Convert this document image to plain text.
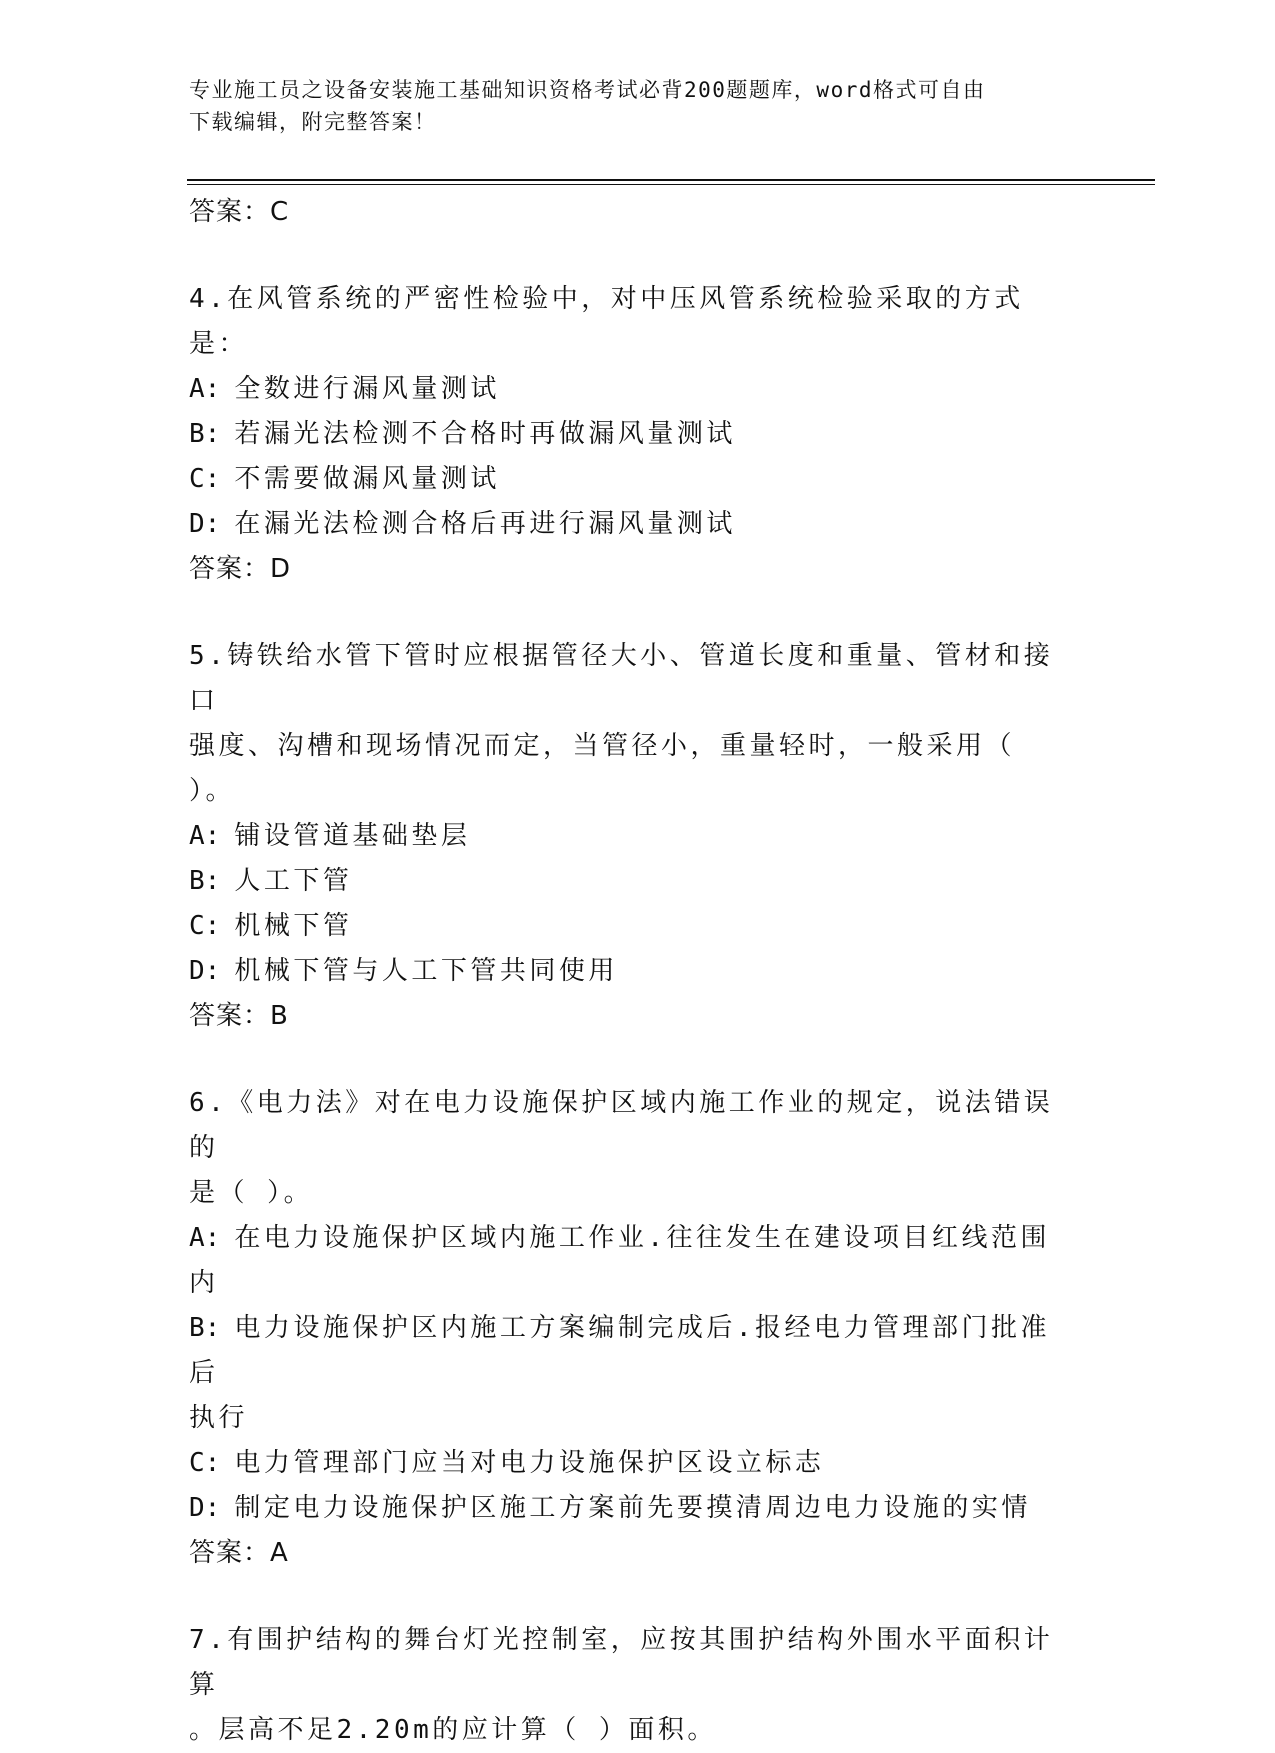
专业施工员之设备安装施工基础知识资格考试必背200题题库，word格式可自由
下载编辑，附完整答案！

答案：C

4.在风管系统的严密性检验中，对中压风管系统检验采取的方式是：

A: 全数进行漏风量测试

B: 若漏光法检测不合格时再做漏风量测试

C: 不需要做漏风量测试

D: 在漏光法检测合格后再进行漏风量测试

答案：D

5.铸铁给水管下管时应根据管径大小、管道长度和重量、管材和接口

强度、沟槽和现场情况而定，当管径小，重量轻时，一般采用（ ）。

A: 铺设管道基础垫层

B: 人工下管

C: 机械下管

D: 机械下管与人工下管共同使用

答案：B

6.《电力法》对在电力设施保护区域内施工作业的规定，说法错误的

是（ ）。

A: 在电力设施保护区域内施工作业.往往发生在建设项目红线范围内

B: 电力设施保护区内施工方案编制完成后.报经电力管理部门批准后

执行

C: 电力管理部门应当对电力设施保护区设立标志

D: 制定电力设施保护区施工方案前先要摸清周边电力设施的实情

答案：A

7.有围护结构的舞台灯光控制室，应按其围护结构外围水平面积计算

。层高不足2.20m的应计算（ ）面积。
